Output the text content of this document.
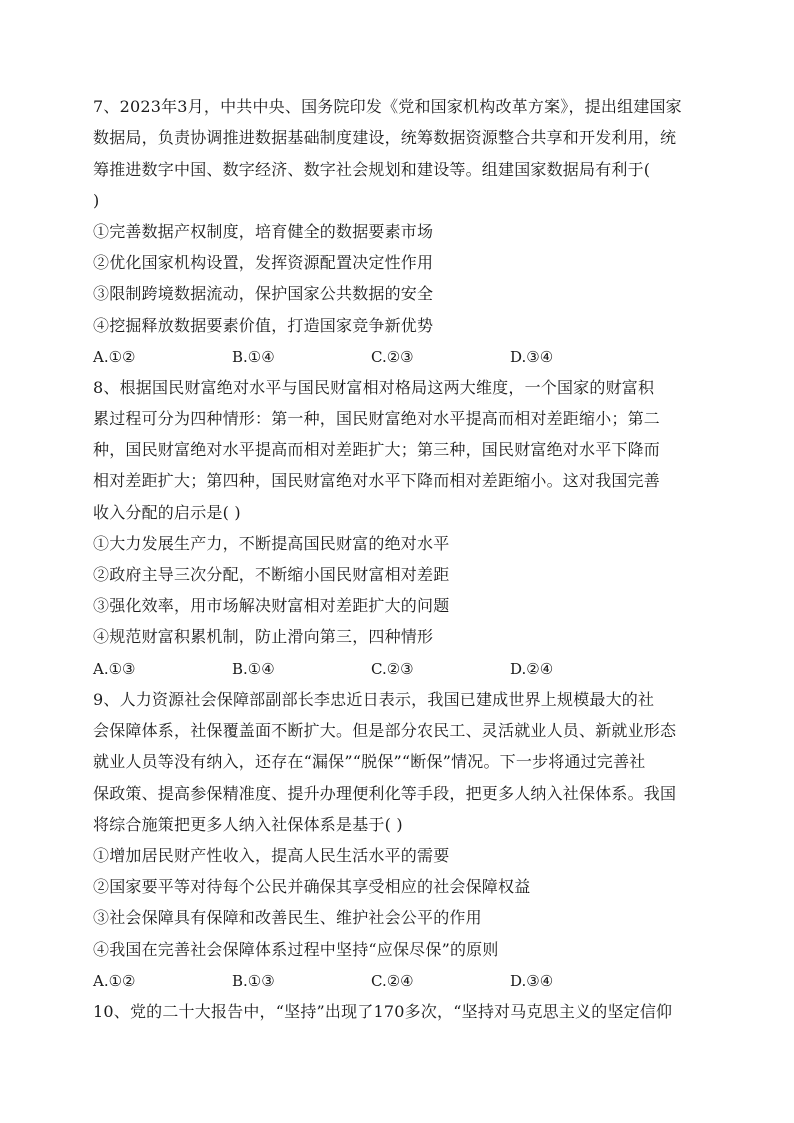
7、2023年3月，中共中央、国务院印发《党和国家机构改革方案》，提出组建国家
数据局，负责协调推进数据基础制度建设，统筹数据资源整合共享和开发利用，统
筹推进数字中国、数字经济、数字社会规划和建设等。组建国家数据局有利于(
)
①完善数据产权制度，培育健全的数据要素市场
②优化国家机构设置，发挥资源配置决定性作用
③限制跨境数据流动，保护国家公共数据的安全
④挖掘释放数据要素价值，打造国家竞争新优势
A.①②	B.①④	C.②③	D.③④
8、根据国民财富绝对水平与国民财富相对格局这两大维度，一个国家的财富积
累过程可分为四种情形：第一种，国民财富绝对水平提高而相对差距缩小；第二
种，国民财富绝对水平提高而相对差距扩大；第三种，国民财富绝对水平下降而
相对差距扩大；第四种，国民财富绝对水平下降而相对差距缩小。这对我国完善
收入分配的启示是( )
①大力发展生产力，不断提高国民财富的绝对水平
②政府主导三次分配，不断缩小国民财富相对差距
③强化效率，用市场解决财富相对差距扩大的问题
④规范财富积累机制，防止滑向第三，四种情形
A.①③	B.①④	C.②③	D.②④
9、人力资源社会保障部副部长李忠近日表示，我国已建成世界上规模最大的社
会保障体系，社保覆盖面不断扩大。但是部分农民工、灵活就业人员、新就业形态
就业人员等没有纳入，还存在“漏保”“脱保”“断保”情况。下一步将通过完善社
保政策、提高参保精准度、提升办理便利化等手段，把更多人纳入社保体系。我国
将综合施策把更多人纳入社保体系是基于( )
①增加居民财产性收入，提高人民生活水平的需要
②国家要平等对待每个公民并确保其享受相应的社会保障权益
③社会保障具有保障和改善民生、维护社会公平的作用
④我国在完善社会保障体系过程中坚持“应保尽保”的原则
A.①②	B.①③	C.②④	D.③④
10、党的二十大报告中，“坚持”出现了170多次，“坚持对马克思主义的坚定信仰
